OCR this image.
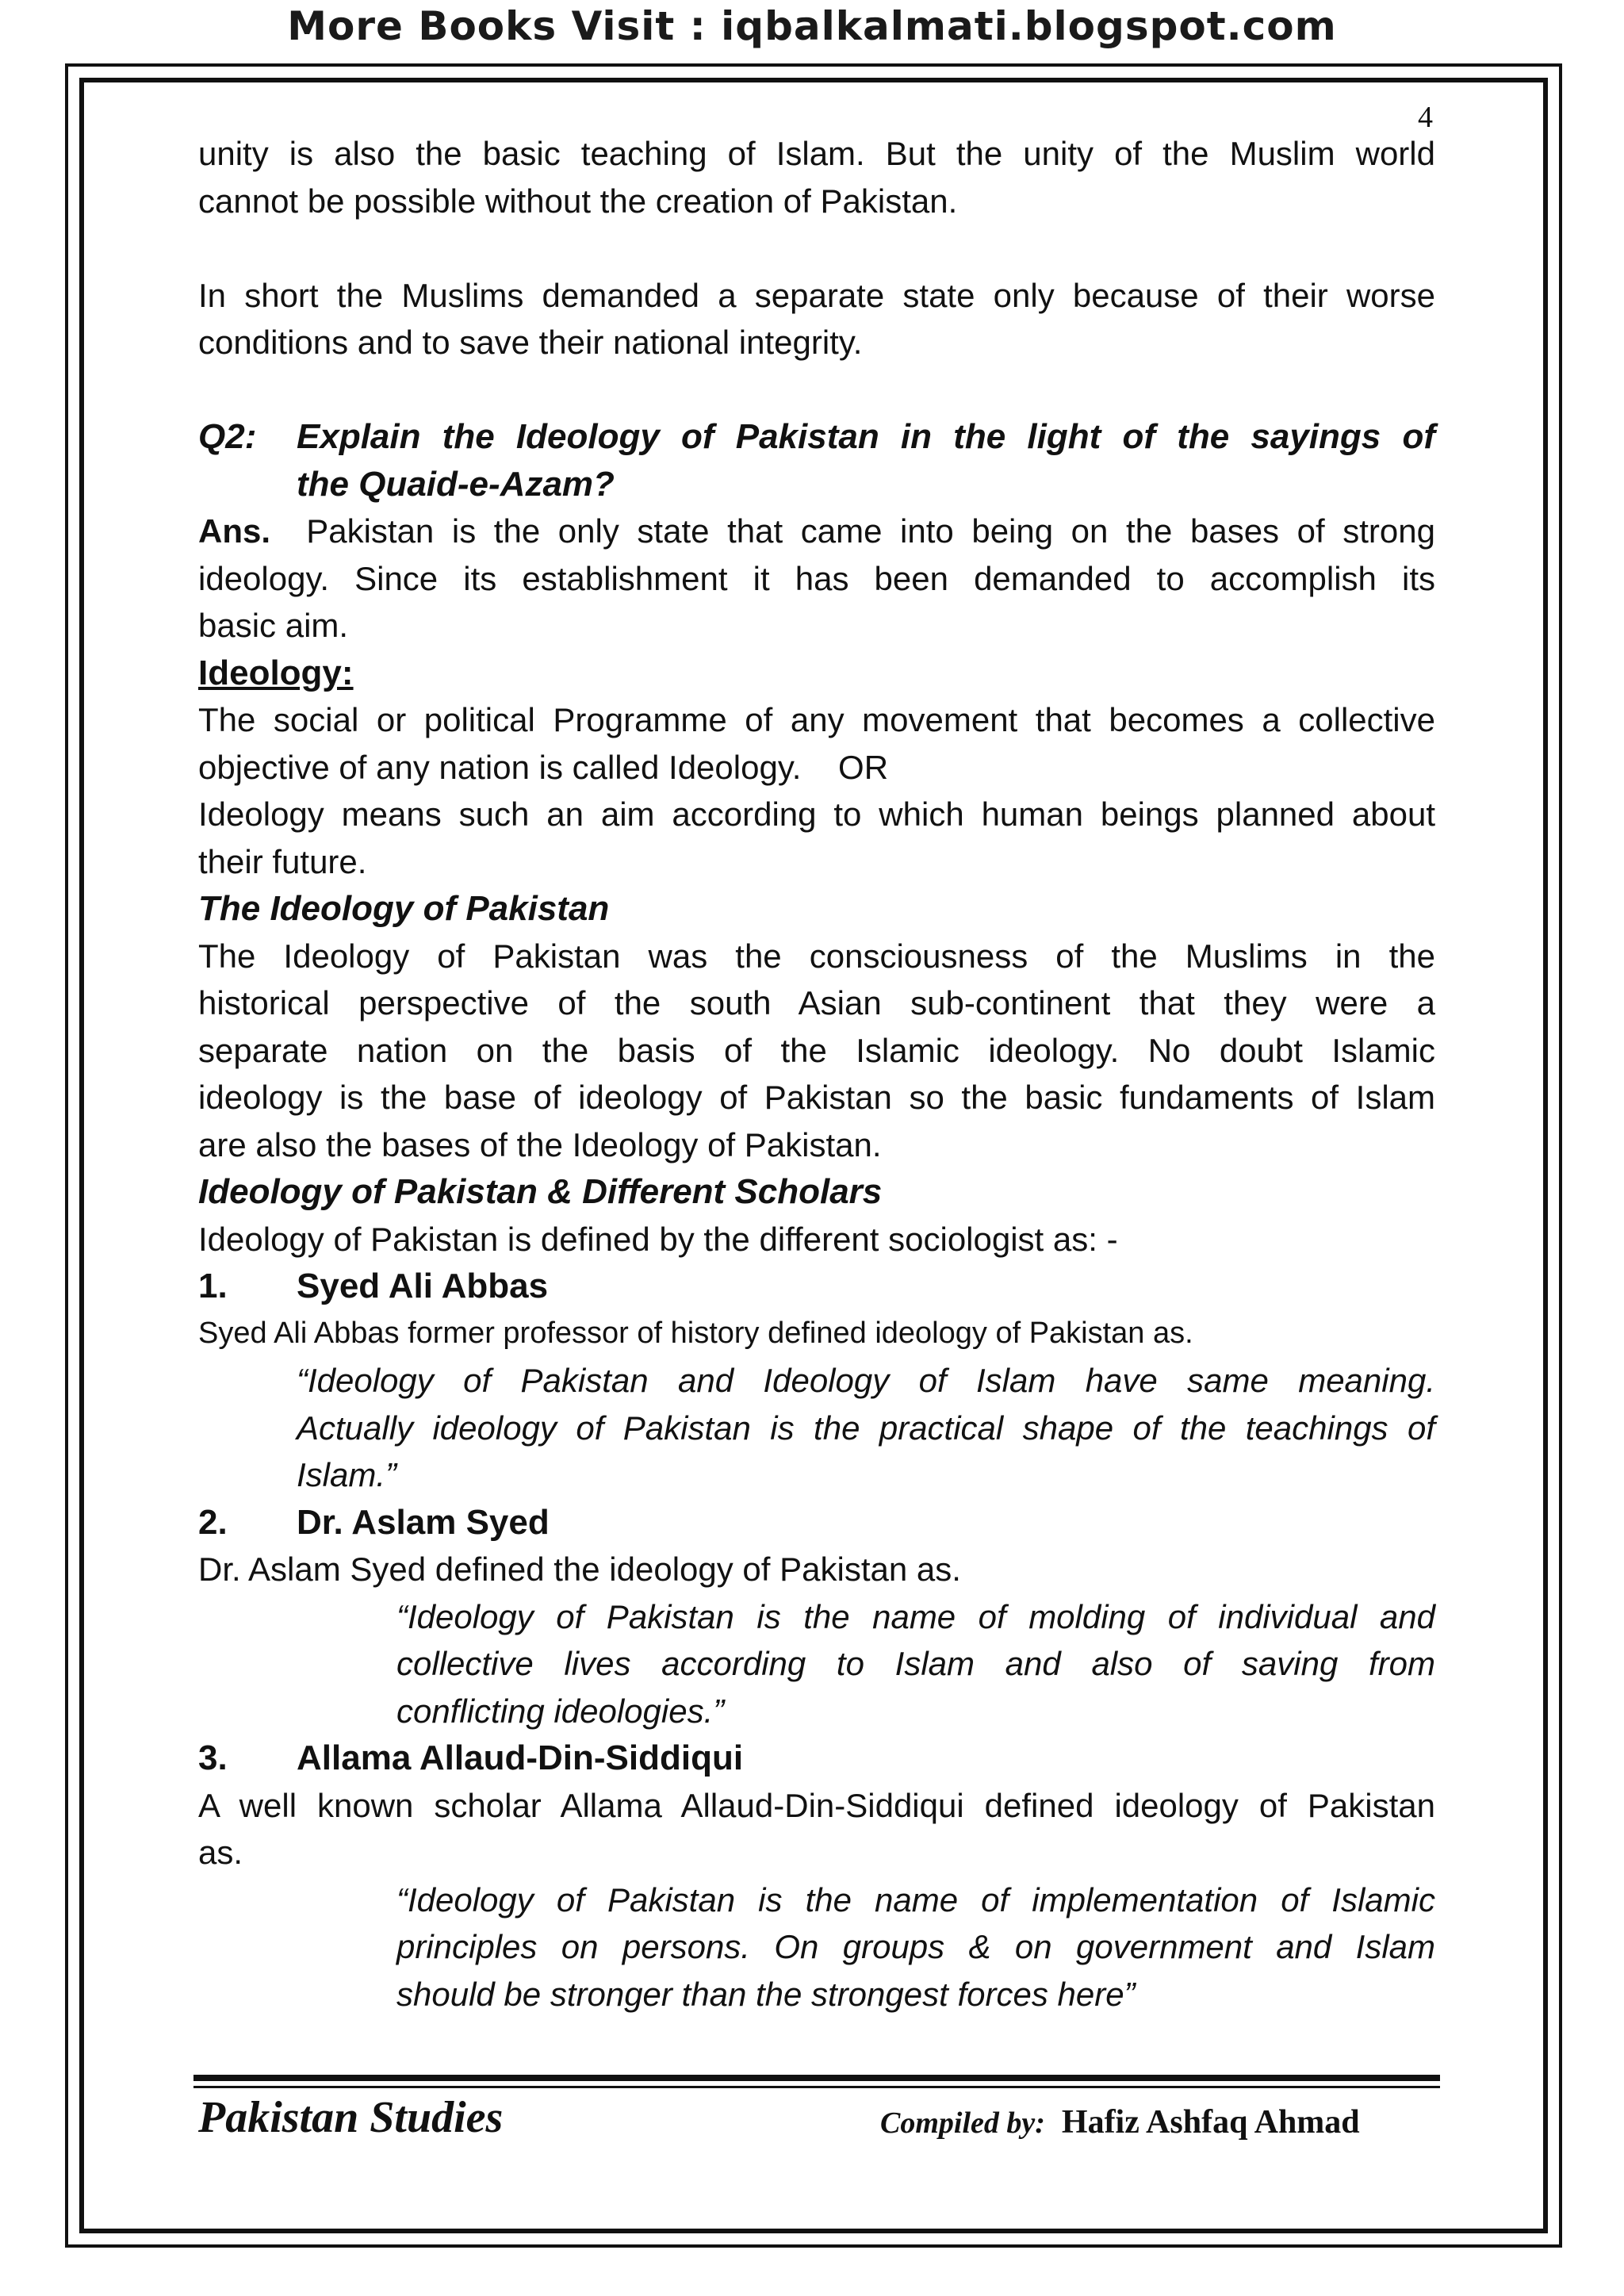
More Books Visit : iqbalkalmati.blogspot.com
4

unity is also the basic teaching of Islam. But the unity of the Muslim world

cannot be possible without the creation of Pakistan.

In short the Muslims demanded a separate state only because of their worse

conditions and to save their national integrity.

Q2:	Explain the Ideology of Pakistan in the light of the sayings of
the Quaid-e-Azam?

Ans. Pakistan is the only state that came into being on the bases of strong

ideology. Since its establishment it has been demanded to accomplish its

basic aim.

Ideology:

The social or political Programme of any movement that becomes a collective

objective of any nation is called Ideology.    OR

Ideology means such an aim according to which human beings planned about

their future.

The Ideology of Pakistan

The Ideology of Pakistan was the consciousness of the Muslims in the

historical perspective of the south Asian sub-continent that they were a

separate nation on the basis of the Islamic ideology. No doubt Islamic

ideology is the base of ideology of Pakistan so the basic fundaments of Islam

are also the bases of the Ideology of Pakistan.

Ideology of Pakistan & Different Scholars

Ideology of Pakistan is defined by the different sociologist as: -

1.	Syed Ali Abbas

Syed Ali Abbas former professor of history defined ideology of Pakistan as.

“Ideology of Pakistan and Ideology of Islam have same meaning.

Actually ideology of Pakistan is the practical shape of the teachings of

Islam.”

2.	Dr. Aslam Syed

Dr. Aslam Syed defined the ideology of Pakistan as.

“Ideology of Pakistan is the name of molding of individual and

collective lives according to Islam and also of saving from

conflicting ideologies.”

3.	Allama Allaud-Din-Siddiqui

A well known scholar Allama Allaud-Din-Siddiqui defined ideology of Pakistan

as.

“Ideology of Pakistan is the name of implementation of Islamic

principles on persons. On groups & on government and Islam

should be stronger than the strongest forces here”

Pakistan Studies	Compiled by: Hafiz Ashfaq Ahmad
